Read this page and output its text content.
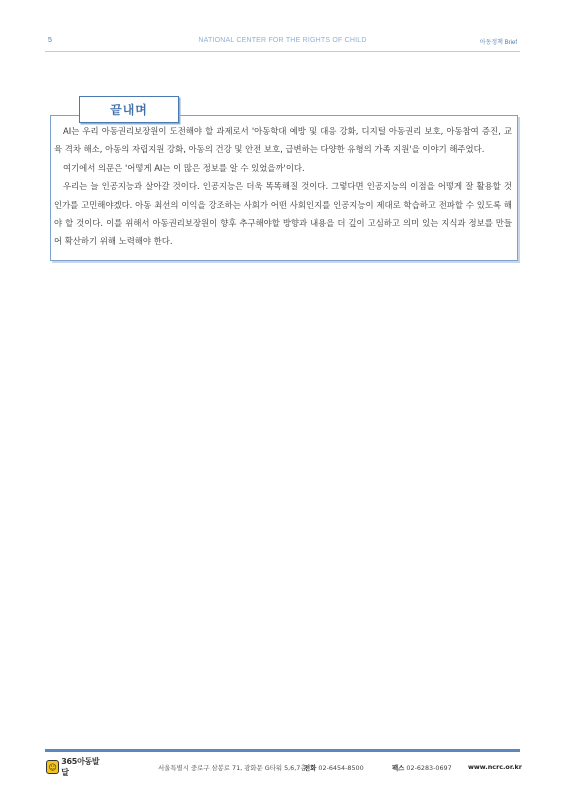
5	NATIONAL CENTER FOR THE RIGHTS OF CHILD	아동정책 Brief
끝내며

AI는 우리 아동권리보장원이 도전해야 할 과제로서 '아동학대 예방 및 대응 강화, 디지털 아동권리 보호, 아동참여 증진, 교육 격차 해소, 아동의 자립지원 강화, 아동의 건강 및 안전 보호, 급변하는 다양한 유형의 가족 지원'을 이야기 해주었다.

여기에서 의문은 '어떻게 AI는 이 많은 정보를 알 수 있었을까'이다.

우리는 늘 인공지능과 살아갈 것이다. 인공지능은 더욱 똑똑해질 것이다. 그렇다면 인공지능의 이점을 어떻게 잘 활용할 것인가를 고민해야겠다. 아동 최선의 이익을 강조하는 사회가 어떤 사회인지를 인공지능이 제대로 학습하고 전파할 수 있도록 해야 할 것이다. 이를 위해서 아동권리보장원이 향후 추구해야할 방향과 내용을 더 깊이 고심하고 의미 있는 지식과 정보를 만들어 확산하기 위해 노력해야 한다.

☺
365아동발달	서울특별시 중로구 삼봉로 71, 광화문 G타워 5,6,7층
전화 02-6454-8500	팩스 02-6283-0697	www.ncrc.or.kr
